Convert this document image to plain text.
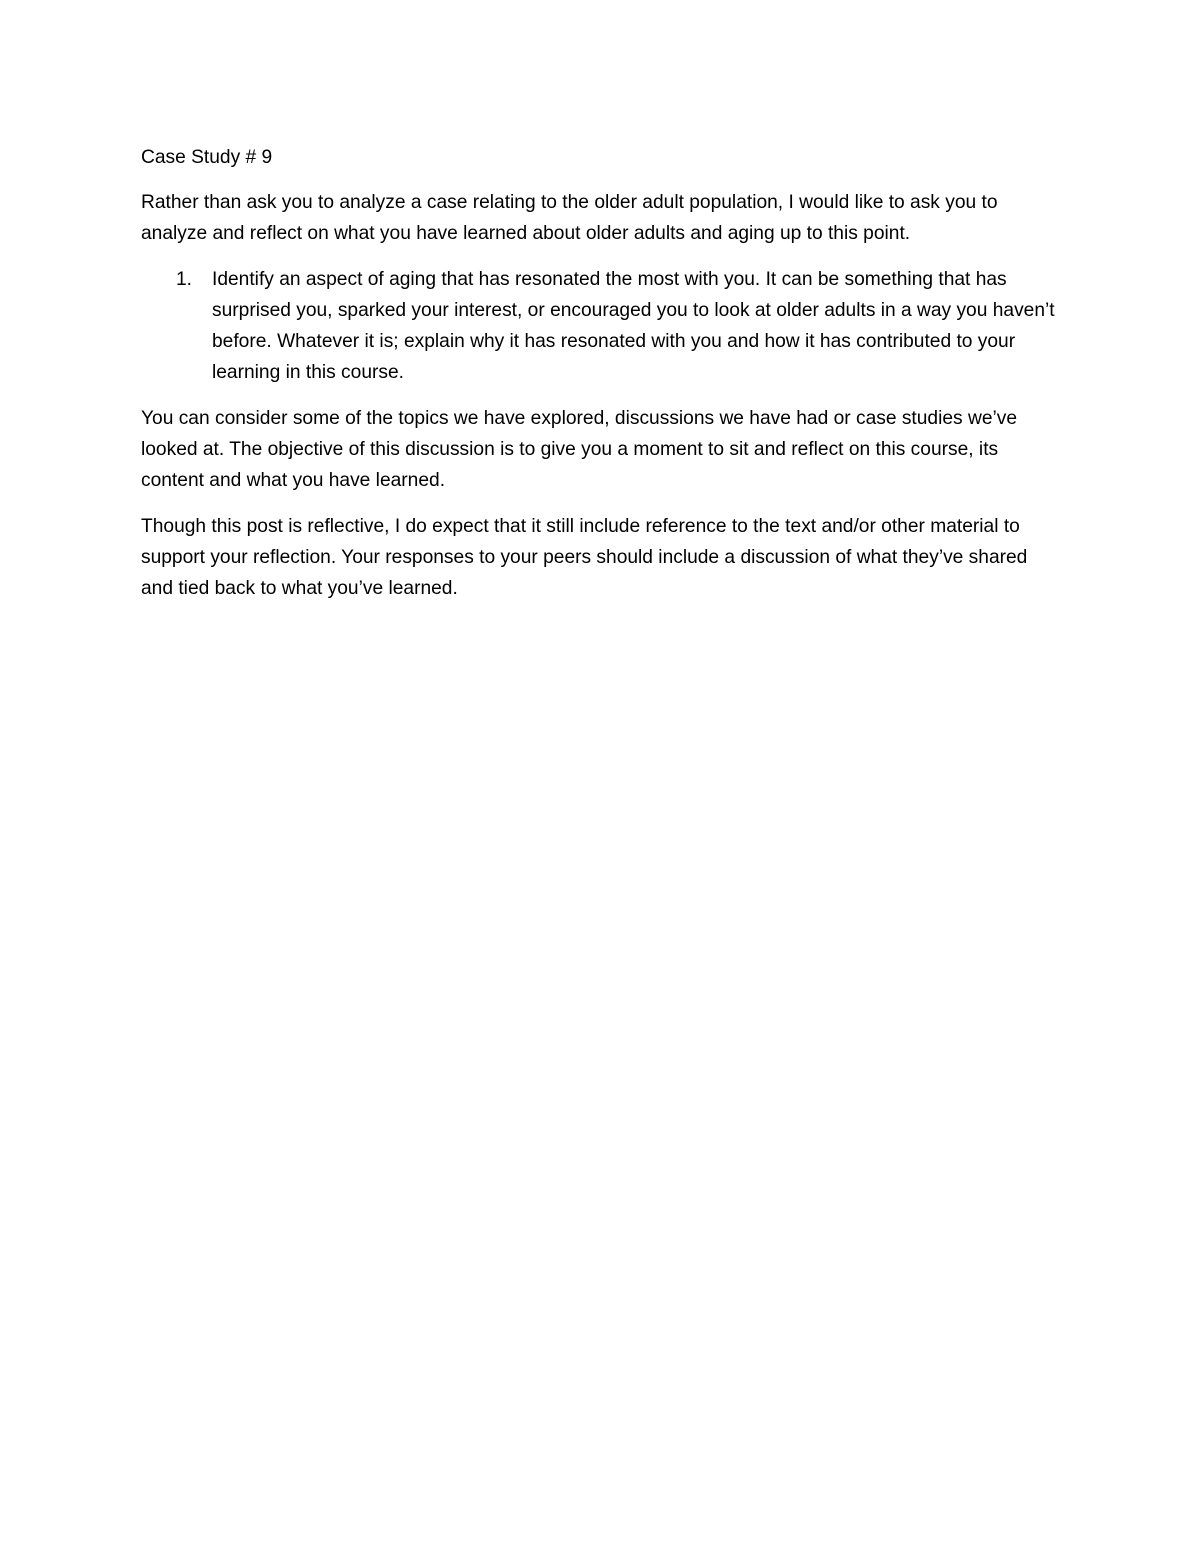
Case Study # 9

Rather than ask you to analyze a case relating to the older adult population, I would like to ask you to analyze and reflect on what you have learned about older adults and aging up to this point.

1. Identify an aspect of aging that has resonated the most with you. It can be something that has surprised you, sparked your interest, or encouraged you to look at older adults in a way you haven’t before. Whatever it is; explain why it has resonated with you and how it has contributed to your learning in this course.

You can consider some of the topics we have explored, discussions we have had or case studies we’ve looked at. The objective of this discussion is to give you a moment to sit and reflect on this course, its content and what you have learned.

Though this post is reflective, I do expect that it still include reference to the text and/or other material to support your reflection. Your responses to your peers should include a discussion of what they’ve shared and tied back to what you’ve learned.
